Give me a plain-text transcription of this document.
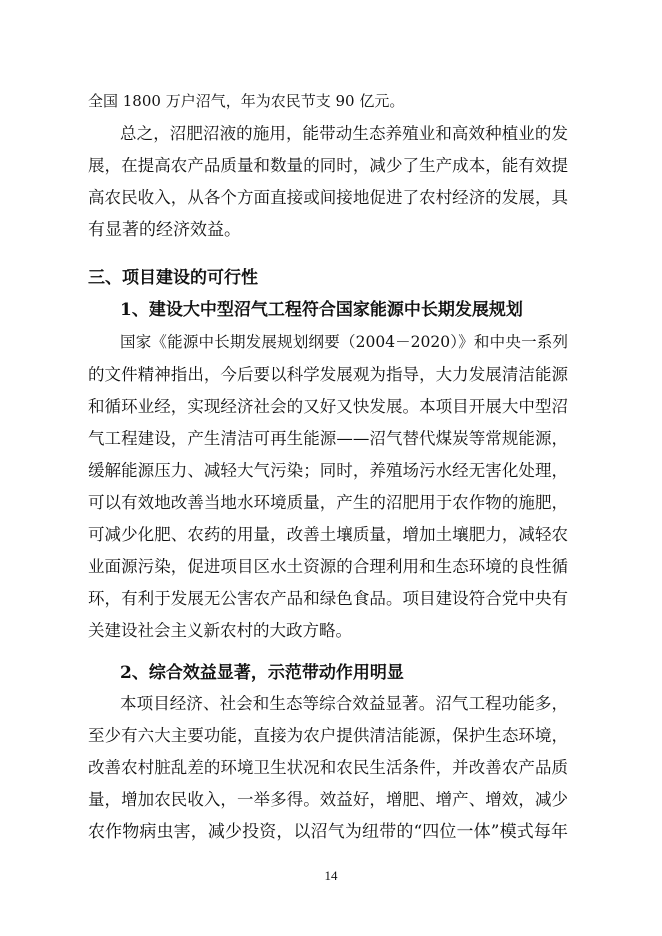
全国 1800 万户沼气，年为农民节支 90 亿元。
总之，沼肥沼液的施用，能带动生态养殖业和高效种植业的发
展，在提高农产品质量和数量的同时，减少了生产成本，能有效提
高农民收入，从各个方面直接或间接地促进了农村经济的发展，具
有显著的经济效益。
三、项目建设的可行性
1、建设大中型沼气工程符合国家能源中长期发展规划
国家《能源中长期发展规划纲要（2004－2020）》和中央一系列
的文件精神指出，今后要以科学发展观为指导，大力发展清洁能源
和循环业经，实现经济社会的又好又快发展。本项目开展大中型沼
气工程建设，产生清洁可再生能源——沼气替代煤炭等常规能源，
缓解能源压力、减轻大气污染；同时，养殖场污水经无害化处理，
可以有效地改善当地水环境质量，产生的沼肥用于农作物的施肥，
可减少化肥、农药的用量，改善土壤质量，增加土壤肥力，减轻农
业面源污染，促进项目区水土资源的合理利用和生态环境的良性循
环，有利于发展无公害农产品和绿色食品。项目建设符合党中央有
关建设社会主义新农村的大政方略。
2、综合效益显著，示范带动作用明显
本项目经济、社会和生态等综合效益显著。沼气工程功能多，
至少有六大主要功能，直接为农户提供清洁能源，保护生态环境，
改善农村脏乱差的环境卫生状况和农民生活条件，并改善农产品质
量，增加农民收入，一举多得。效益好，增肥、增产、增效，减少
农作物病虫害，减少投资，以沼气为纽带的“四位一体”模式每年
14
